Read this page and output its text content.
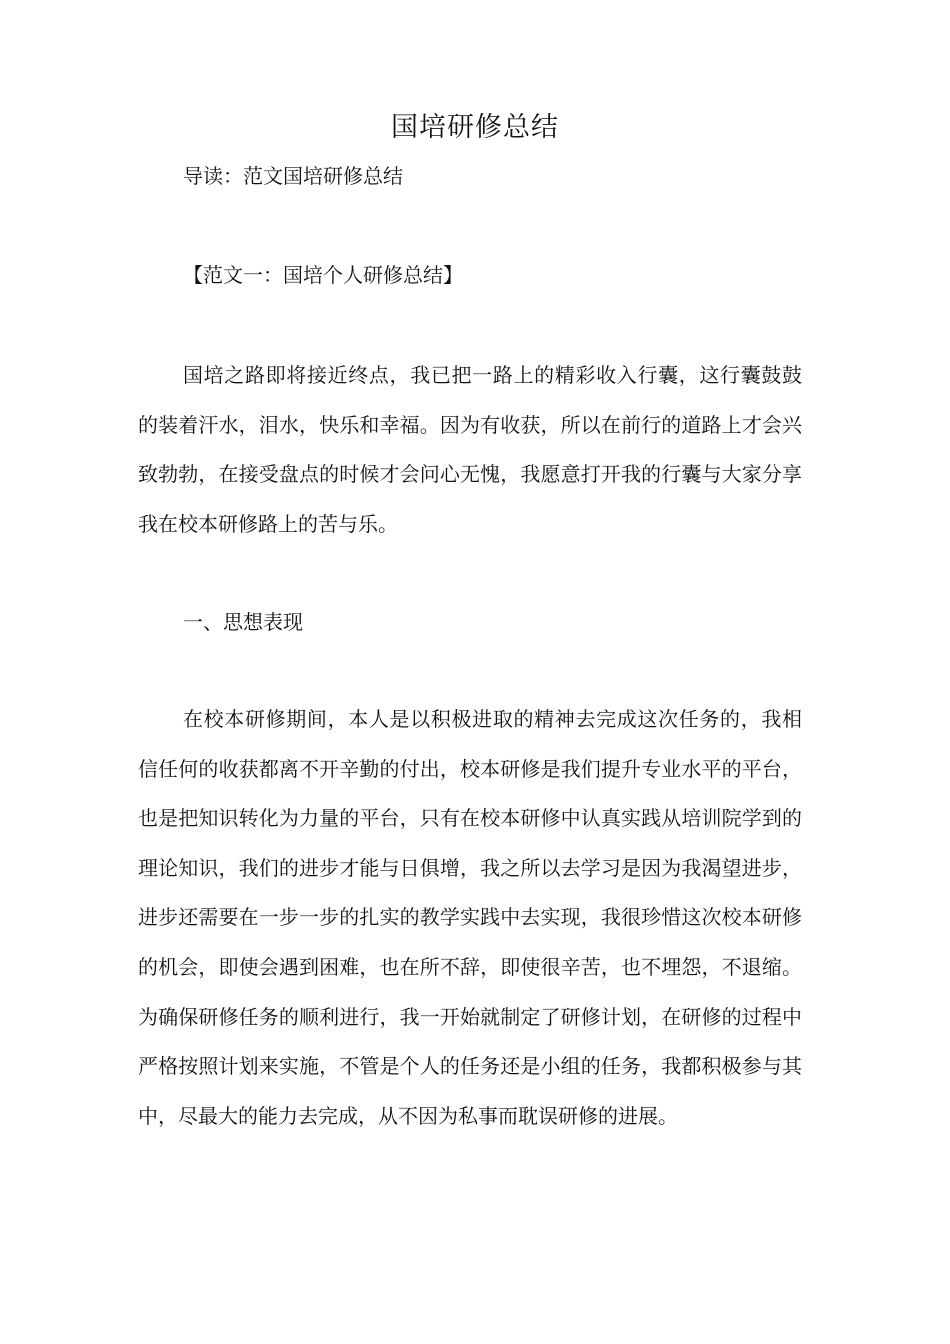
国培研修总结

导读：范文国培研修总结

【范文一：国培个人研修总结】

国培之路即将接近终点，我已把一路上的精彩收入行囊，这行囊鼓鼓的装着汗水，泪水，快乐和幸福。因为有收获，所以在前行的道路上才会兴致勃勃，在接受盘点的时候才会问心无愧，我愿意打开我的行囊与大家分享我在校本研修路上的苦与乐。

一、思想表现

在校本研修期间，本人是以积极进取的精神去完成这次任务的，我相信任何的收获都离不开辛勤的付出，校本研修是我们提升专业水平的平台，也是把知识转化为力量的平台，只有在校本研修中认真实践从培训院学到的理论知识，我们的进步才能与日俱增，我之所以去学习是因为我渴望进步，进步还需要在一步一步的扎实的教学实践中去实现，我很珍惜这次校本研修的机会，即使会遇到困难，也在所不辞，即使很辛苦，也不埋怨，不退缩。为确保研修任务的顺利进行，我一开始就制定了研修计划，在研修的过程中严格按照计划来实施，不管是个人的任务还是小组的任务，我都积极参与其中，尽最大的能力去完成，从不因为私事而耽误研修的进展。
